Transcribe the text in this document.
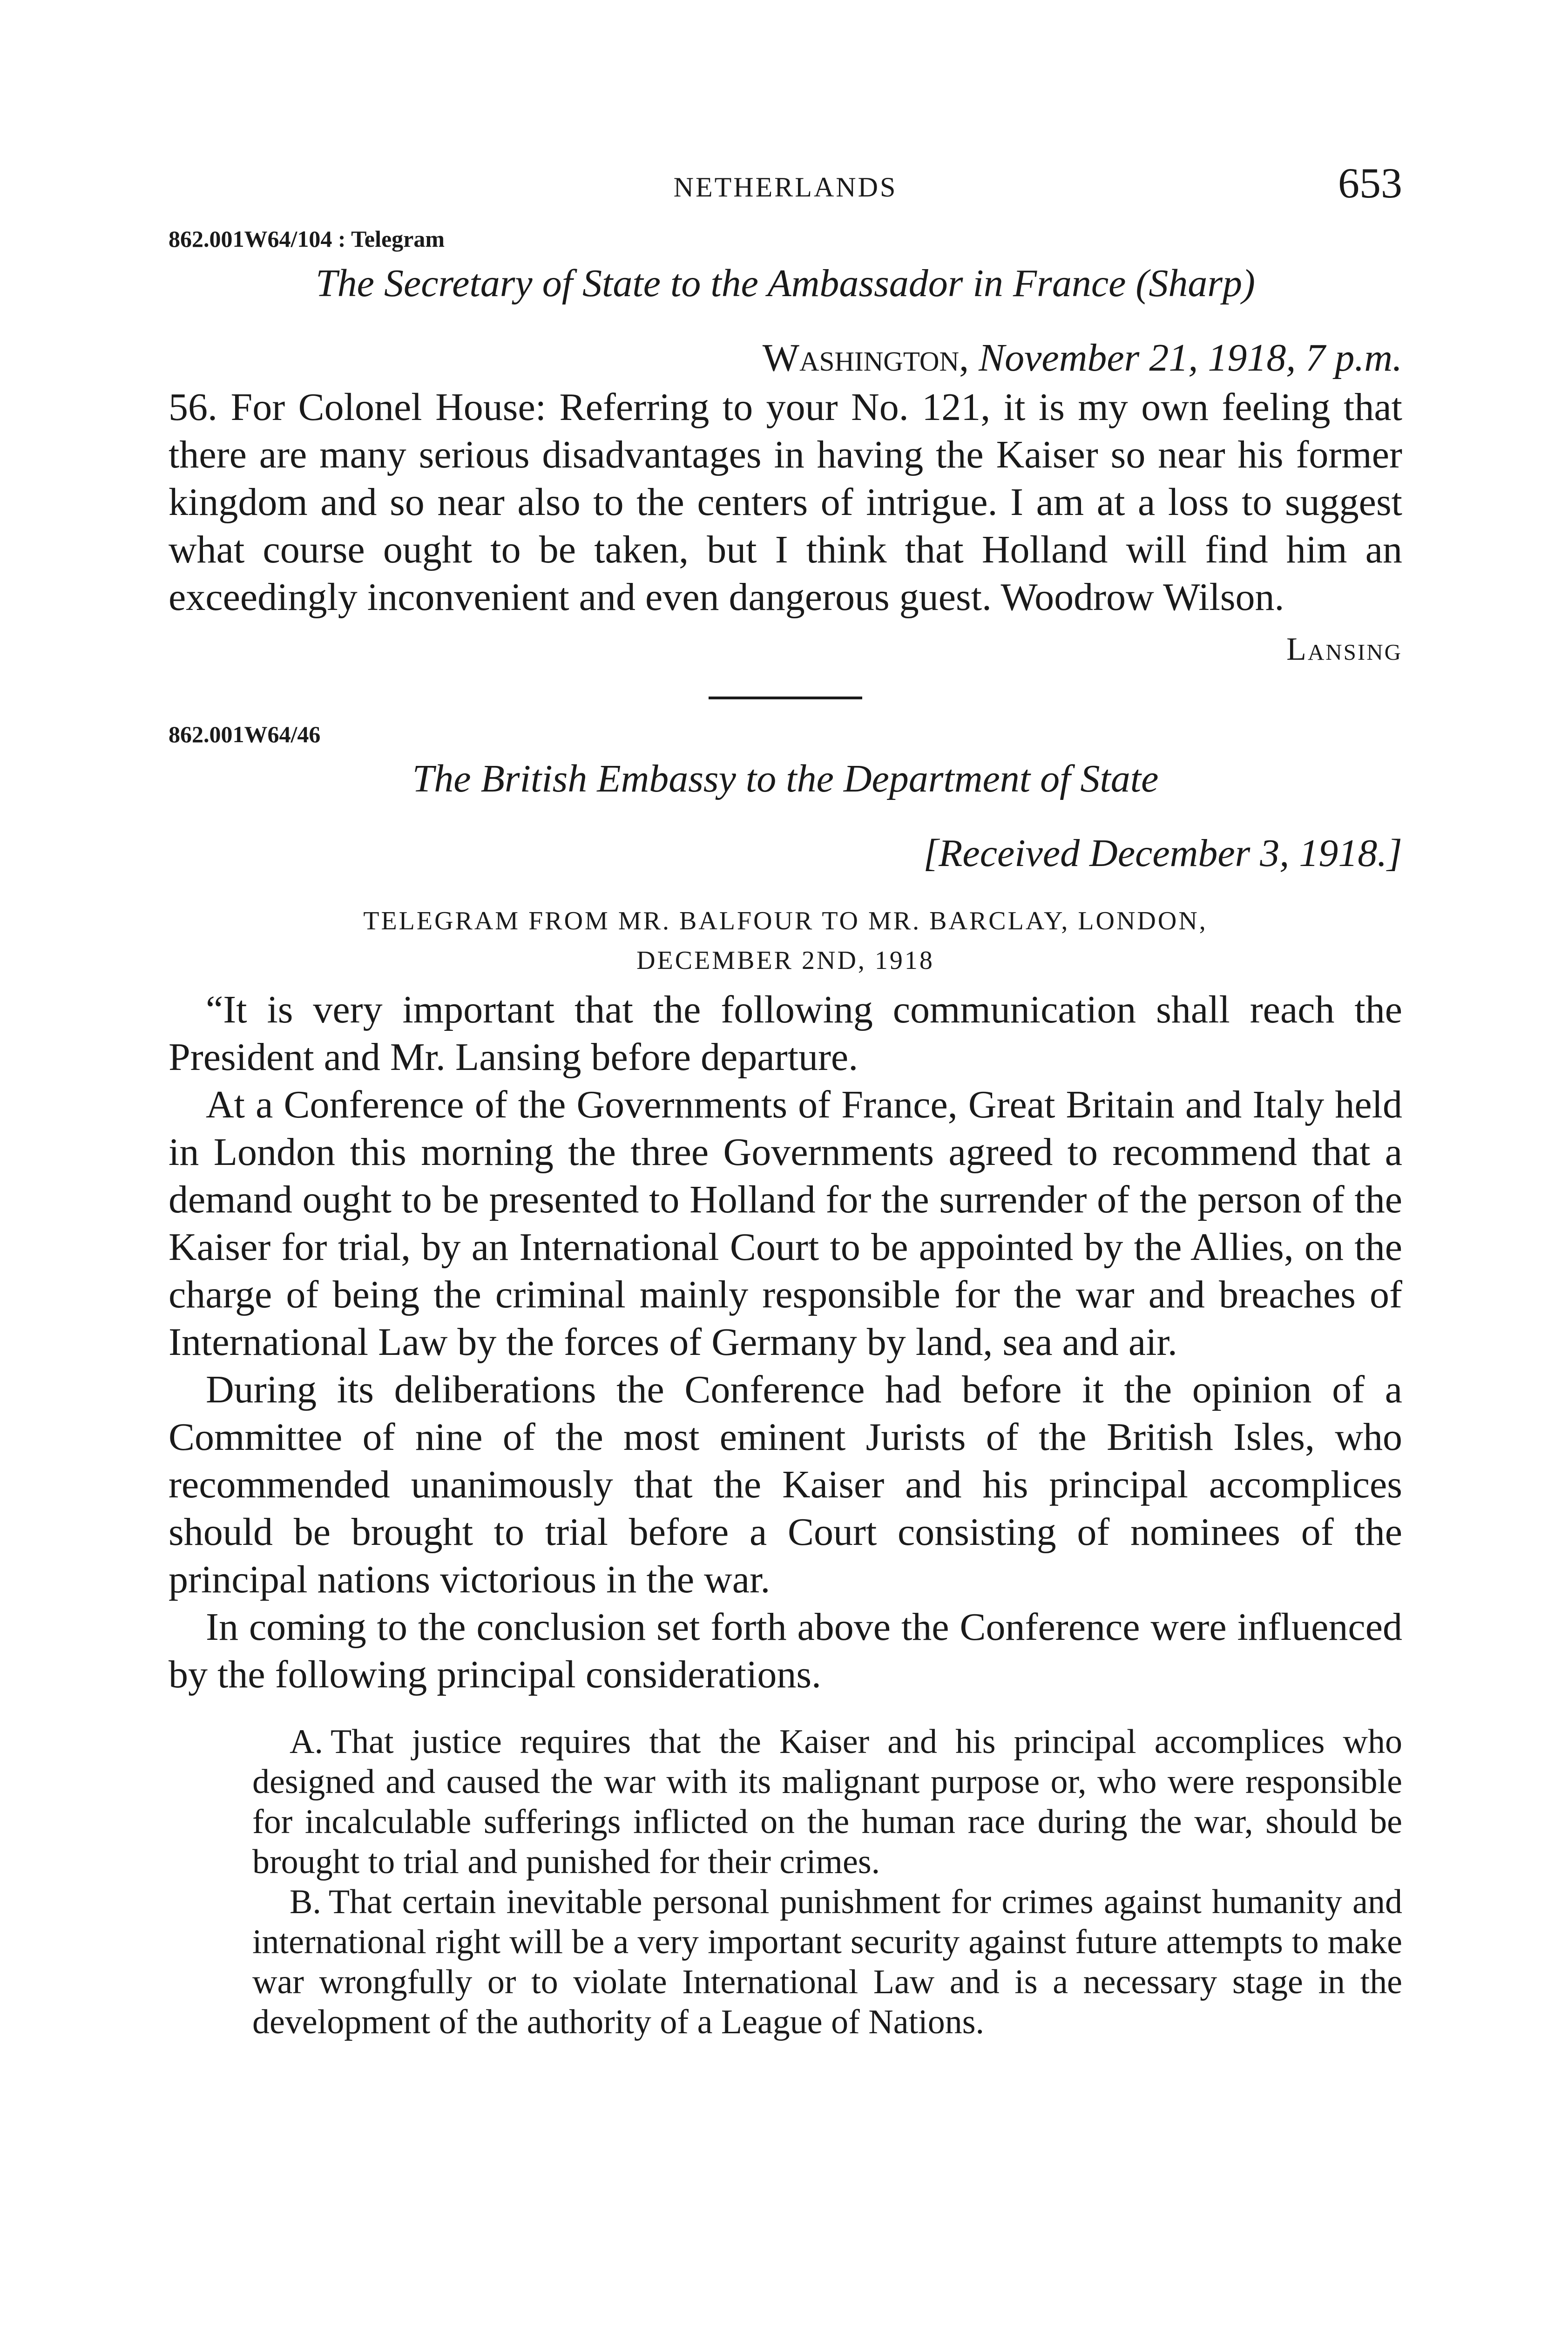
NETHERLANDS	653
862.001W64/104 : Telegram
The Secretary of State to the Ambassador in France (Sharp)
Washington, November 21, 1918, 7 p.m.

56. For Colonel House: Referring to your No. 121, it is my own feeling that there are many serious disadvantages in having the Kaiser so near his former kingdom and so near also to the centers of intrigue. I am at a loss to suggest what course ought to be taken, but I think that Holland will find him an exceedingly inconvenient and even dangerous guest. Woodrow Wilson.

Lansing
862.001W64/46
The British Embassy to the Department of State
[Received December 3, 1918.]
TELEGRAM FROM MR. BALFOUR TO MR. BARCLAY, LONDON,
DECEMBER 2ND, 1918

“It is very important that the following communication shall reach the President and Mr. Lansing before departure.

At a Conference of the Governments of France, Great Britain and Italy held in London this morning the three Governments agreed to recommend that a demand ought to be presented to Holland for the surrender of the person of the Kaiser for trial, by an International Court to be appointed by the Allies, on the charge of being the criminal mainly responsible for the war and breaches of International Law by the forces of Germany by land, sea and air.

During its deliberations the Conference had before it the opinion of a Committee of nine of the most eminent Jurists of the British Isles, who recommended unanimously that the Kaiser and his principal accomplices should be brought to trial before a Court consisting of nominees of the principal nations victorious in the war.

In coming to the conclusion set forth above the Conference were influenced by the following principal considerations.

A. That justice requires that the Kaiser and his principal accomplices who designed and caused the war with its malignant purpose or, who were responsible for incalculable sufferings inflicted on the human race during the war, should be brought to trial and punished for their crimes.

B. That certain inevitable personal punishment for crimes against humanity and international right will be a very important security against future attempts to make war wrongfully or to violate International Law and is a necessary stage in the development of the authority of a League of Nations.
